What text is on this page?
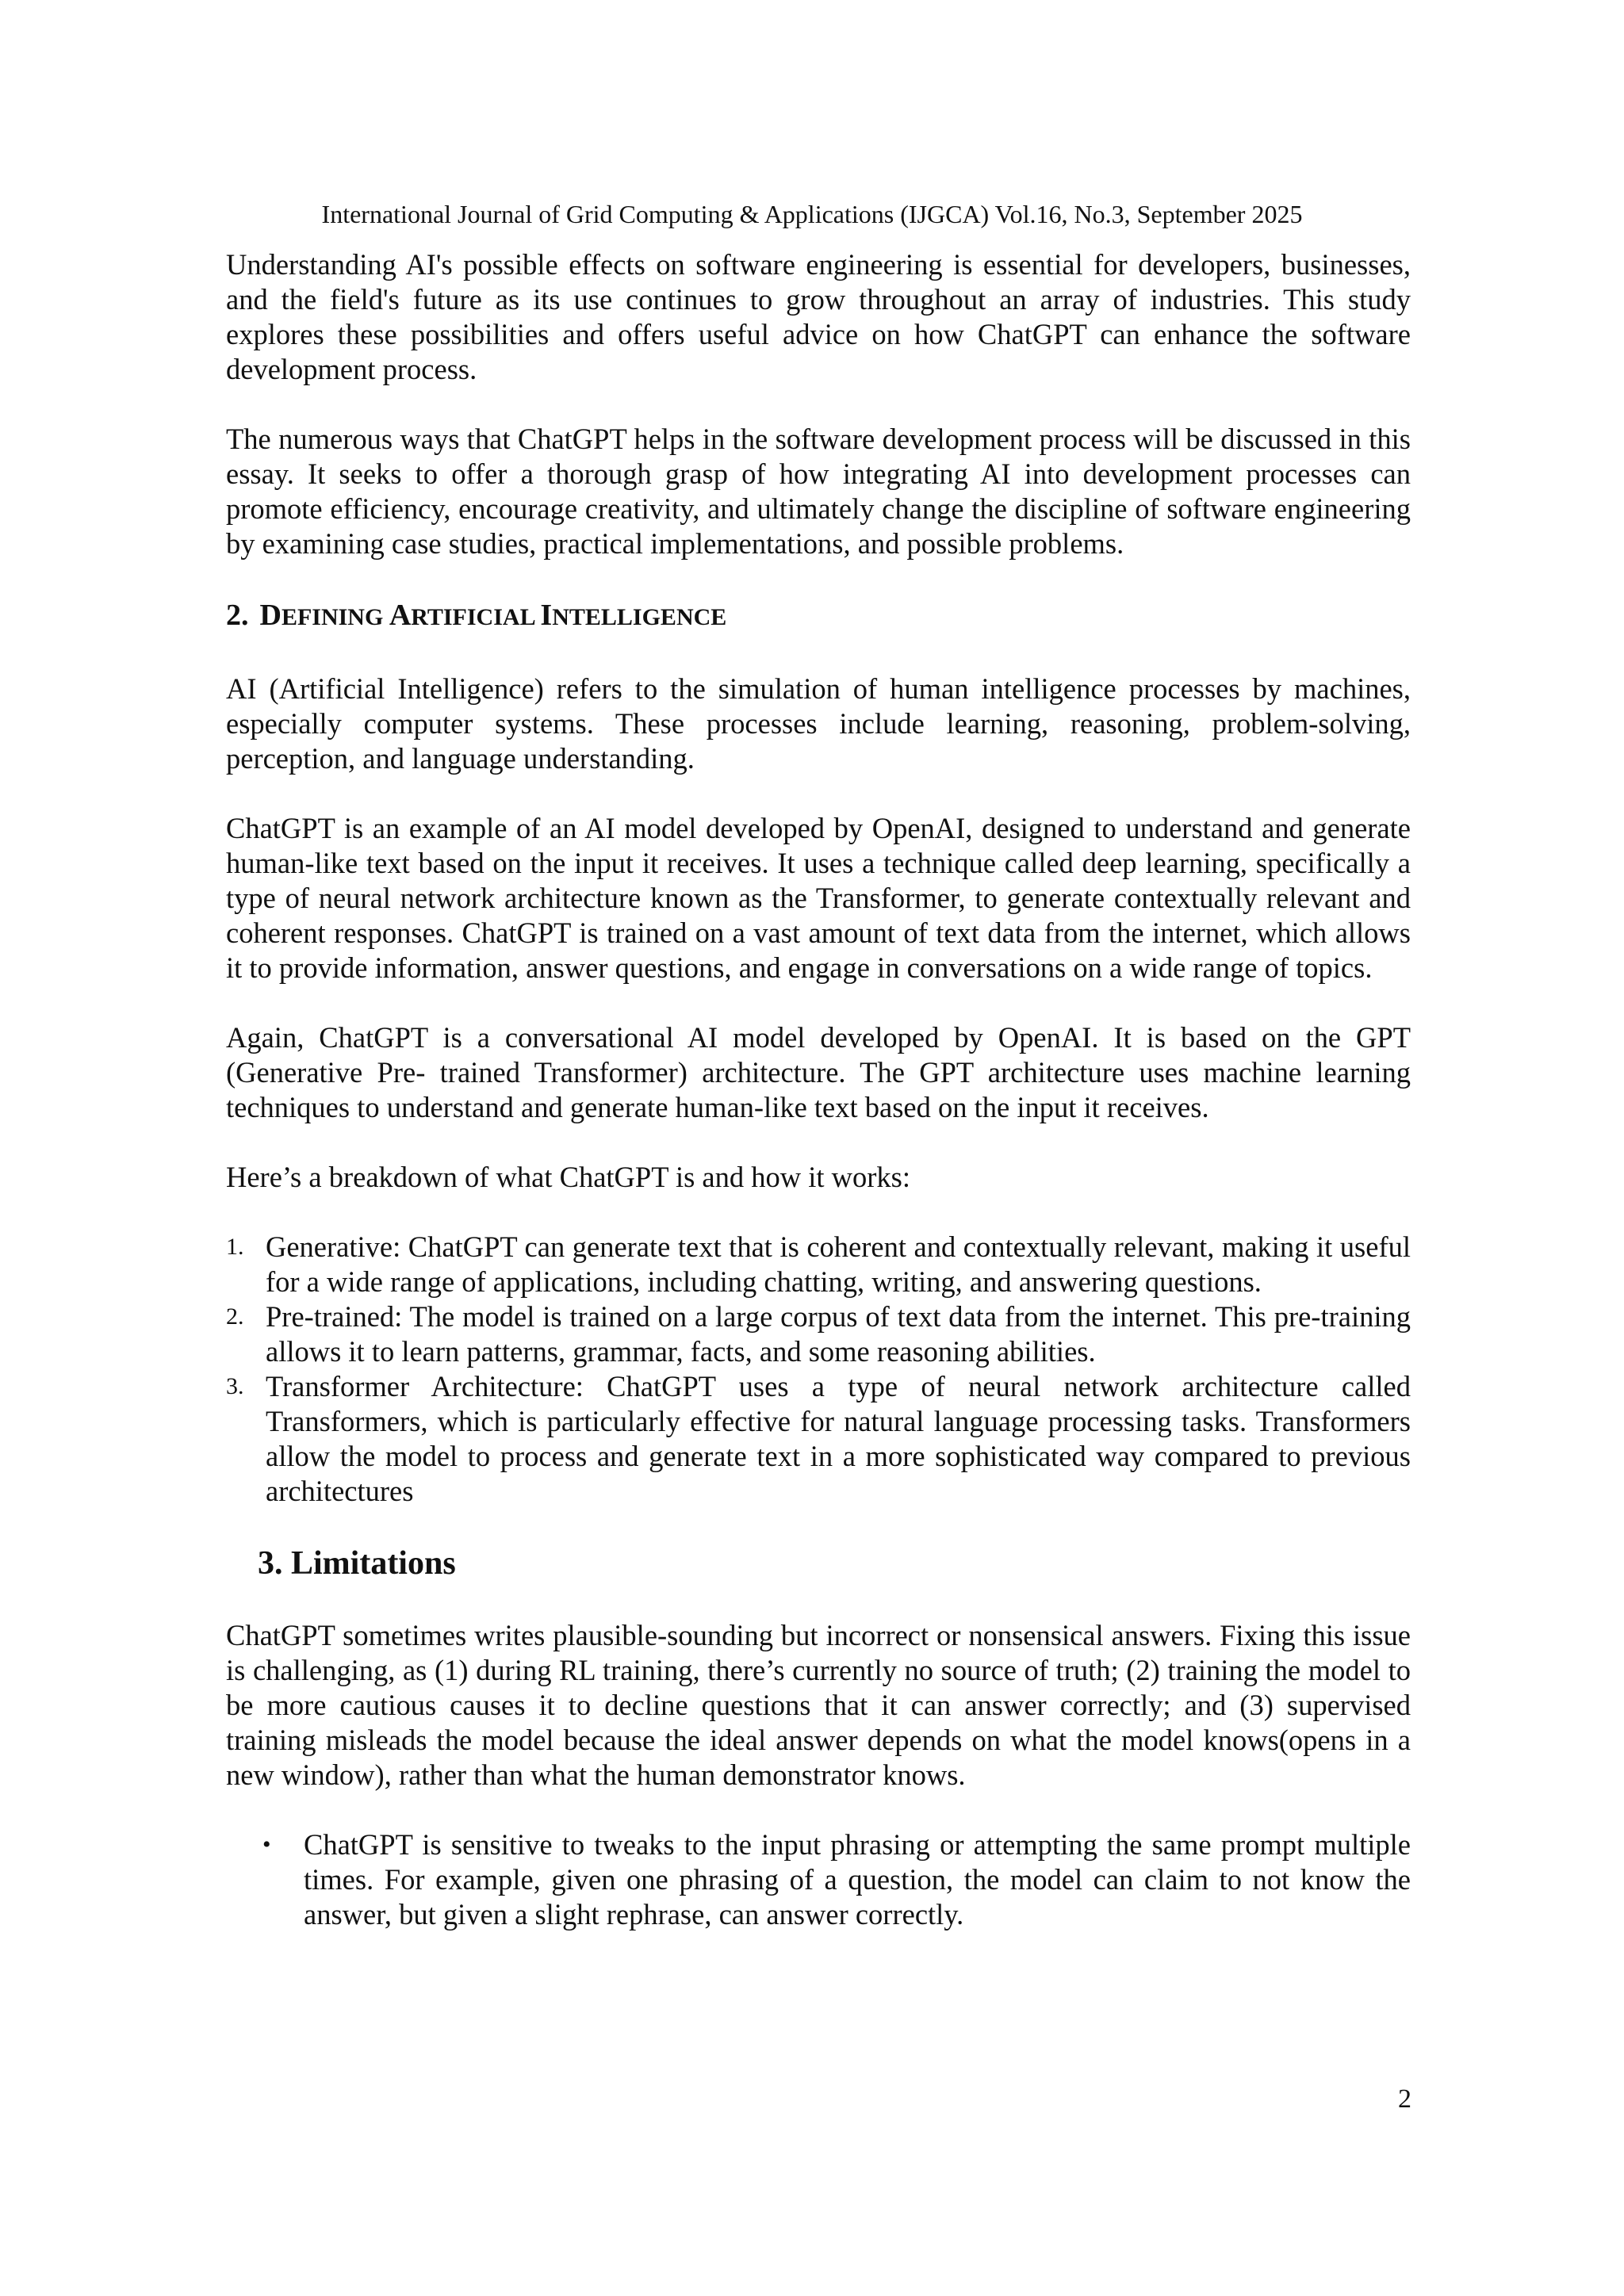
International Journal of Grid Computing & Applications (IJGCA) Vol.16, No.3, September 2025

Understanding AI's possible effects on software engineering is essential for developers, businesses, and the field's future as its use continues to grow throughout an array of industries. This study explores these possibilities and offers useful advice on how ChatGPT can enhance the software development process.

The numerous ways that ChatGPT helps in the software development process will be discussed in this essay. It seeks to offer a thorough grasp of how integrating AI into development processes can promote efficiency, encourage creativity, and ultimately change the discipline of software engineering by examining case studies, practical implementations, and possible problems.

2. DEFINING ARTIFICIAL INTELLIGENCE

AI (Artificial Intelligence) refers to the simulation of human intelligence processes by machines, especially computer systems. These processes include learning, reasoning, problem-solving, perception, and language understanding.

ChatGPT is an example of an AI model developed by OpenAI, designed to understand and generate human-like text based on the input it receives. It uses a technique called deep learning, specifically a type of neural network architecture known as the Transformer, to generate contextually relevant and coherent responses. ChatGPT is trained on a vast amount of text data from the internet, which allows it to provide information, answer questions, and engage in conversations on a wide range of topics.

Again, ChatGPT is a conversational AI model developed by OpenAI. It is based on the GPT (Generative Pre- trained Transformer) architecture. The GPT architecture uses machine learning techniques to understand and generate human-like text based on the input it receives.

Here’s a breakdown of what ChatGPT is and how it works:

1. Generative: ChatGPT can generate text that is coherent and contextually relevant, making it useful for a wide range of applications, including chatting, writing, and answering questions.
2. Pre-trained: The model is trained on a large corpus of text data from the internet. This pre-training allows it to learn patterns, grammar, facts, and some reasoning abilities.
3. Transformer Architecture: ChatGPT uses a type of neural network architecture called Transformers, which is particularly effective for natural language processing tasks. Transformers allow the model to process and generate text in a more sophisticated way compared to previous architectures
3. Limitations

ChatGPT sometimes writes plausible-sounding but incorrect or nonsensical answers. Fixing this issue is challenging, as (1) during RL training, there’s currently no source of truth; (2) training the model to be more cautious causes it to decline questions that it can answer correctly; and (3) supervised training misleads the model because the ideal answer depends on what the model knows(opens in a new window), rather than what the human demonstrator knows.

• ChatGPT is sensitive to tweaks to the input phrasing or attempting the same prompt multiple times. For example, given one phrasing of a question, the model can claim to not know the answer, but given a slight rephrase, can answer correctly.
2
